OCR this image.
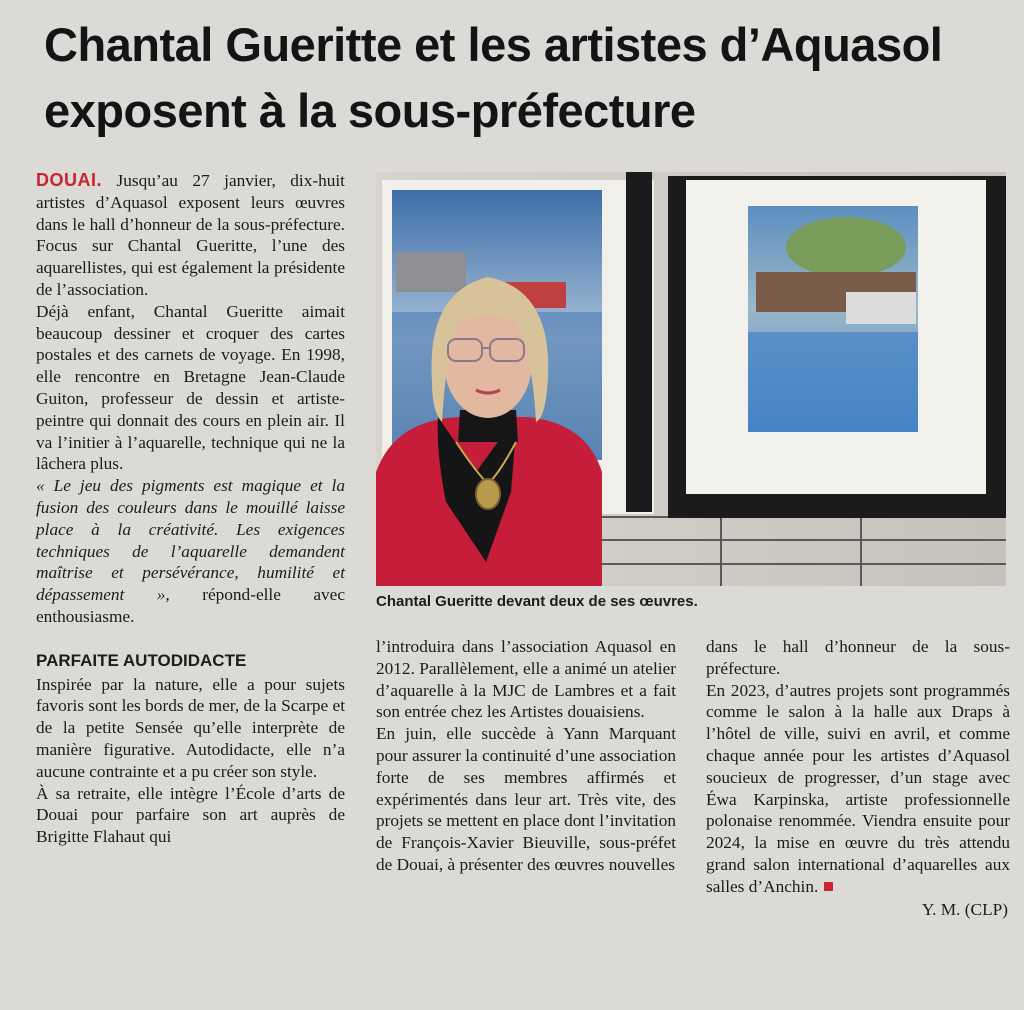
Chantal Gueritte et les artistes d’Aquasol exposent à la sous-préfecture

DOUAI. Jusqu’au 27 janvier, dix-huit artistes d’Aquasol exposent leurs œuvres dans le hall d’honneur de la sous-préfecture. Focus sur Chantal Gueritte, l’une des aquarellistes, qui est également la présidente de l’association.

Déjà enfant, Chantal Gueritte aimait beaucoup dessiner et croquer des cartes postales et des carnets de voyage. En 1998, elle rencontre en Bretagne Jean-Claude Guiton, professeur de dessin et artiste-peintre qui donnait des cours en plein air. Il va l’initier à l’aquarelle, technique qui ne la lâchera plus.

« Le jeu des pigments est magique et la fusion des couleurs dans le mouillé laisse place à la créativité. Les exigences techniques de l’aquarelle demandent maîtrise et persévérance, humilité et dépassement », répond-elle avec enthousiasme.

PARFAITE AUTODIDACTE

Inspirée par la nature, elle a pour sujets favoris sont les bords de mer, de la Scarpe et de la petite Sensée qu’elle interprète de manière figurative. Autodidacte, elle n’a aucune contrainte et a pu créer son style.

À sa retraite, elle intègre l’École d’arts de Douai pour parfaire son art auprès de Brigitte Flahaut qui

Chantal Gueritte devant deux de ses œuvres.

l’introduira dans l’association Aquasol en 2012. Parallèlement, elle a animé un atelier d’aquarelle à la MJC de Lambres et a fait son entrée chez les Artistes douaisiens.

En juin, elle succède à Yann Marquant pour assurer la continuité d’une association forte de ses membres affirmés et expérimentés dans leur art. Très vite, des projets se mettent en place dont l’invitation de François-Xavier Bieuville, sous-préfet de Douai, à présenter des œuvres nouvelles

dans le hall d’honneur de la sous-préfecture.

En 2023, d’autres projets sont programmés comme le salon à la halle aux Draps à l’hôtel de ville, suivi en avril, et comme chaque année pour les artistes d’Aquasol soucieux de progresser, d’un stage avec Éwa Karpinska, artiste professionnelle polonaise renommée. Viendra ensuite pour 2024, la mise en œuvre du très attendu grand salon international d’aquarelles aux salles d’Anchin.

Y. M. (CLP)
